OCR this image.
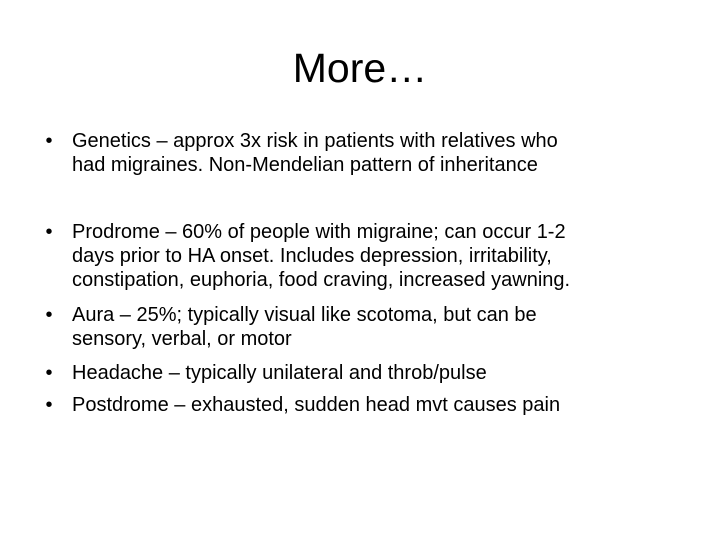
More…
• Genetics – approx 3x risk in patients with relatives who
had migraines. Non-Mendelian pattern of inheritance
• Prodrome – 60% of people with migraine; can occur 1-2
days prior to HA onset. Includes depression, irritability,
constipation, euphoria, food craving, increased yawning.
• Aura – 25%; typically visual like scotoma, but can be
sensory, verbal, or motor
• Headache – typically unilateral and throb/pulse
• Postdrome – exhausted, sudden head mvt causes pain
